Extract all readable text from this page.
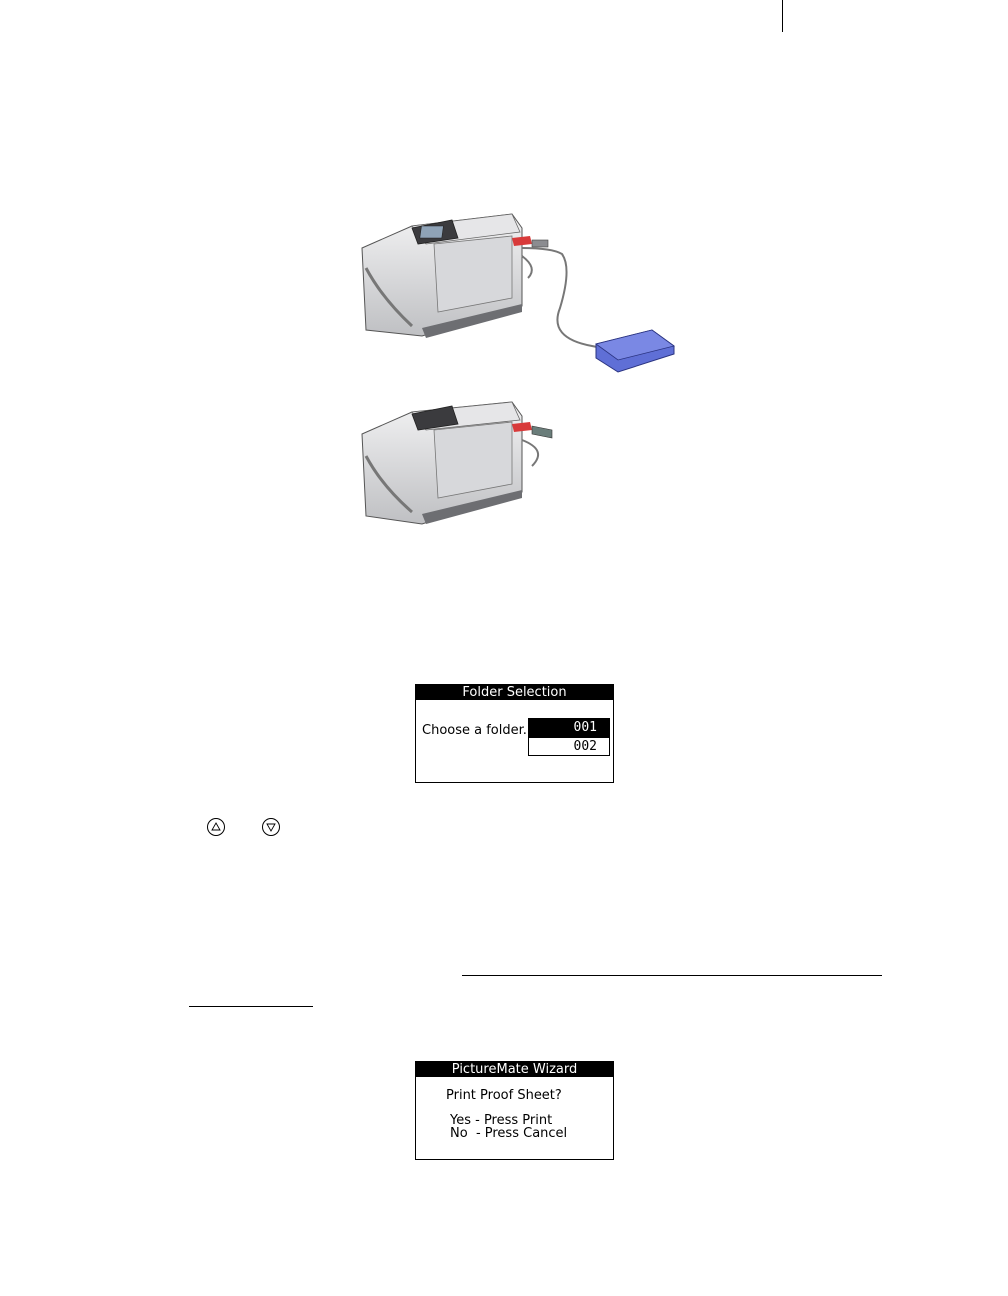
Folder Selection
Choose a folder.	001
002
PictureMate Wizard
Print Proof Sheet?
Yes - Press Print
No  - Press Cancel
